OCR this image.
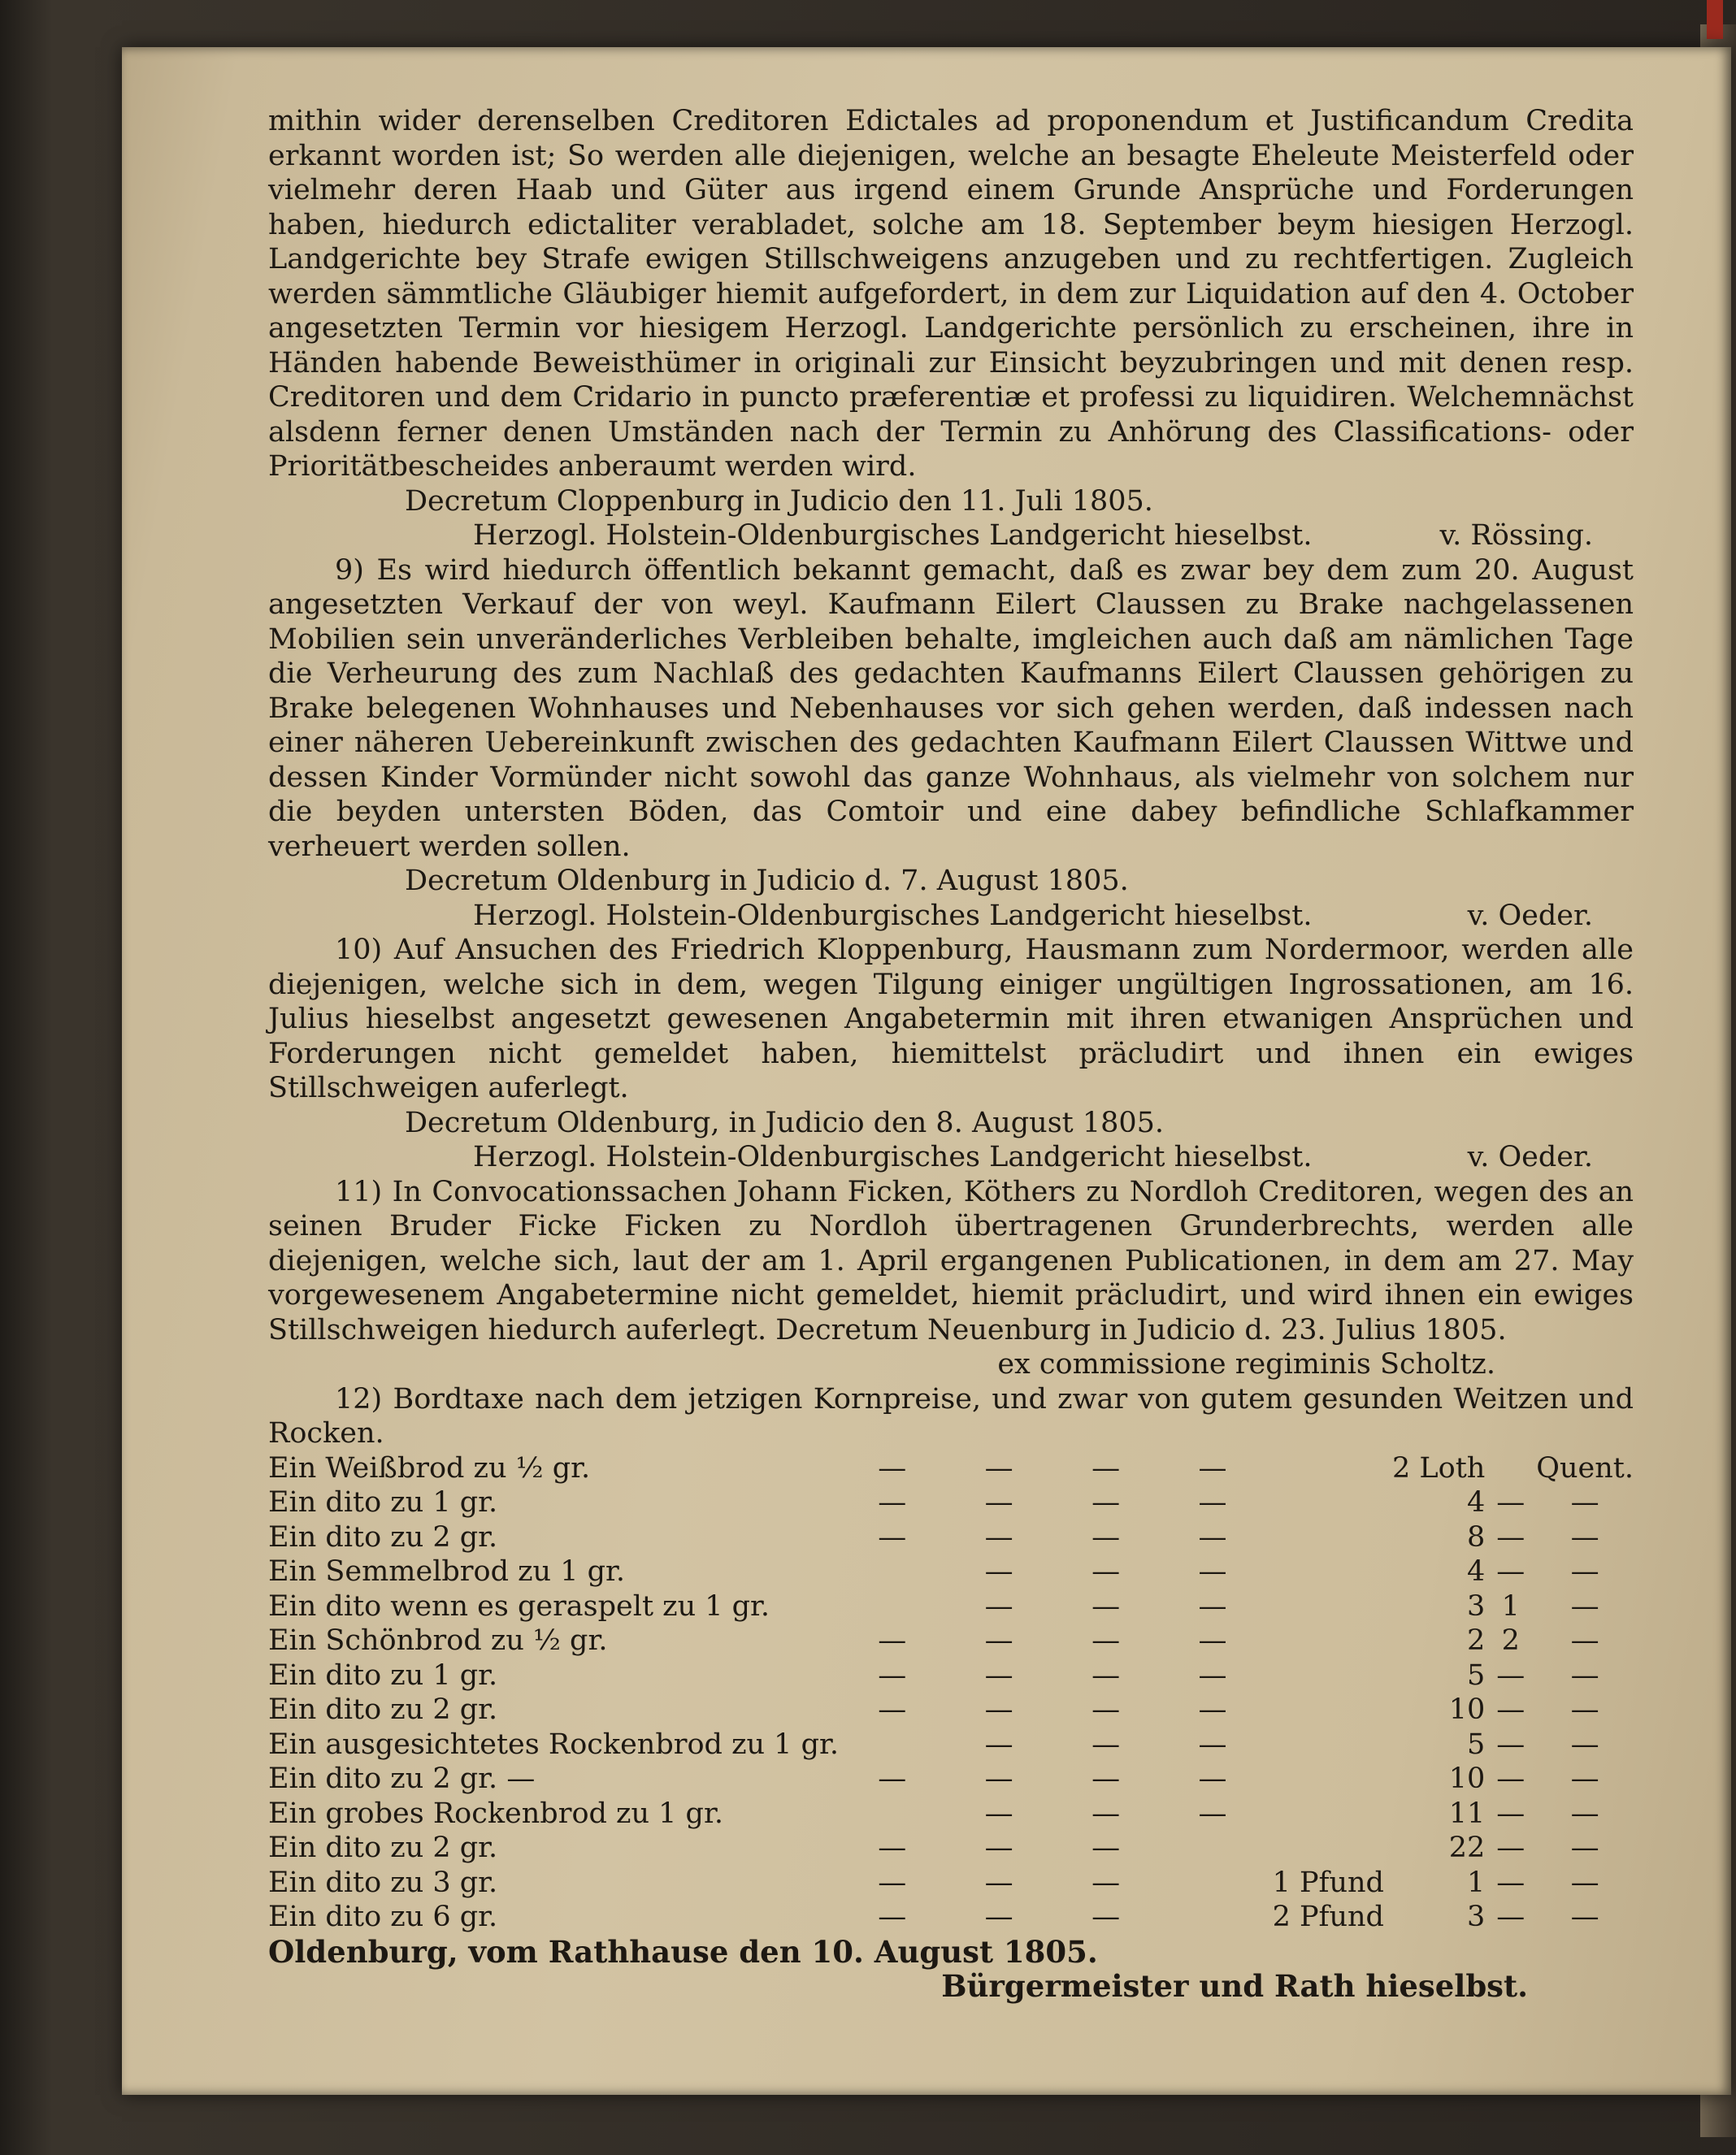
mithin wider derenselben Creditoren Edictales ad proponendum et Justificandum Credita erkannt worden ist; So werden alle diejenigen, welche an besagte Eheleute Meisterfeld oder vielmehr deren Haab und Güter aus irgend einem Grunde Ansprüche und Forderungen haben, hiedurch edictaliter verabladet, solche am 18. September beym hiesigen Herzogl. Landgerichte bey Strafe ewigen Stillschweigens anzugeben und zu rechtfertigen. Zugleich werden sämmtliche Gläubiger hiemit aufgefordert, in dem zur Liquidation auf den 4. October angesetzten Termin vor hiesigem Herzogl. Landgerichte persönlich zu erscheinen, ihre in Händen habende Beweisthümer in originali zur Einsicht beyzubringen und mit denen resp. Creditoren und dem Cridario in puncto præferentiæ et professi zu liquidiren. Welchemnächst alsdenn ferner denen Umständen nach der Termin zu Anhörung des Classifications- oder Prioritätbescheides anberaumt werden wird.

Decretum Cloppenburg in Judicio den 11. Juli 1805.

Herzogl. Holstein-Oldenburgisches Landgericht hieselbst.	v. Rössing.

9) Es wird hiedurch öffentlich bekannt gemacht, daß es zwar bey dem zum 20. August angesetzten Verkauf der von weyl. Kaufmann Eilert Claussen zu Brake nachgelassenen Mobilien sein unveränderliches Verbleiben behalte, imgleichen auch daß am nämlichen Tage die Verheurung des zum Nachlaß des gedachten Kaufmanns Eilert Claussen gehörigen zu Brake belegenen Wohnhauses und Nebenhauses vor sich gehen werden, daß indessen nach einer näheren Uebereinkunft zwischen des gedachten Kaufmann Eilert Claussen Wittwe und dessen Kinder Vormünder nicht sowohl das ganze Wohnhaus, als vielmehr von solchem nur die beyden untersten Böden, das Comtoir und eine dabey befindliche Schlafkammer verheuert werden sollen.

Decretum Oldenburg in Judicio d. 7. August 1805.

Herzogl. Holstein-Oldenburgisches Landgericht hieselbst.	v. Oeder.

10) Auf Ansuchen des Friedrich Kloppenburg, Hausmann zum Nordermoor, werden alle diejenigen, welche sich in dem, wegen Tilgung einiger ungültigen Ingrossationen, am 16. Julius hieselbst angesetzt gewesenen Angabetermin mit ihren etwanigen Ansprüchen und Forderungen nicht gemeldet haben, hiemittelst präcludirt und ihnen ein ewiges Stillschweigen auferlegt.

Decretum Oldenburg, in Judicio den 8. August 1805.

Herzogl. Holstein-Oldenburgisches Landgericht hieselbst.	v. Oeder.

11) In Convocationssachen Johann Ficken, Köthers zu Nordloh Creditoren, wegen des an seinen Bruder Ficke Ficken zu Nordloh übertragenen Grunderbrechts, werden alle diejenigen, welche sich, laut der am 1. April ergangenen Publicationen, in dem am 27. May vorgewesenem Angabetermine nicht gemeldet, hiemit präcludirt, und wird ihnen ein ewiges Stillschweigen hiedurch auferlegt. Decretum Neuenburg in Judicio d. 23. Julius 1805.

ex commissione regiminis Scholtz.

12) Bordtaxe nach dem jetzigen Kornpreise, und zwar von gutem gesunden Weitzen und Rocken.

Ein Weißbrod zu ½ gr.	—	—	—	—		2 Loth		Quent.
Ein dito zu 1 gr.	—	—	—	—		4	—	—
Ein dito zu 2 gr.	—	—	—	—		8	—	—
Ein Semmelbrod zu 1 gr.		—	—	—		4	—	—
Ein dito wenn es geraspelt zu 1 gr.		—	—	—		3	1	—
Ein Schönbrod zu ½ gr.	—	—	—	—		2	2	—
Ein dito zu 1 gr.	—	—	—	—		5	—	—
Ein dito zu 2 gr.	—	—	—	—		10	—	—
Ein ausgesichtetes Rockenbrod zu 1 gr.		—	—	—		5	—	—
Ein dito zu 2 gr. —	—	—	—	—		10	—	—
Ein grobes Rockenbrod zu 1 gr.		—	—	—		11	—	—
Ein dito zu 2 gr.	—	—	—			22	—	—
Ein dito zu 3 gr.	—	—	—		1 Pfund	1	—	—
Ein dito zu 6 gr.	—	—	—		2 Pfund	3	—	—

Oldenburg, vom Rathhause den 10. August 1805.

Bürgermeister und Rath hieselbst.
